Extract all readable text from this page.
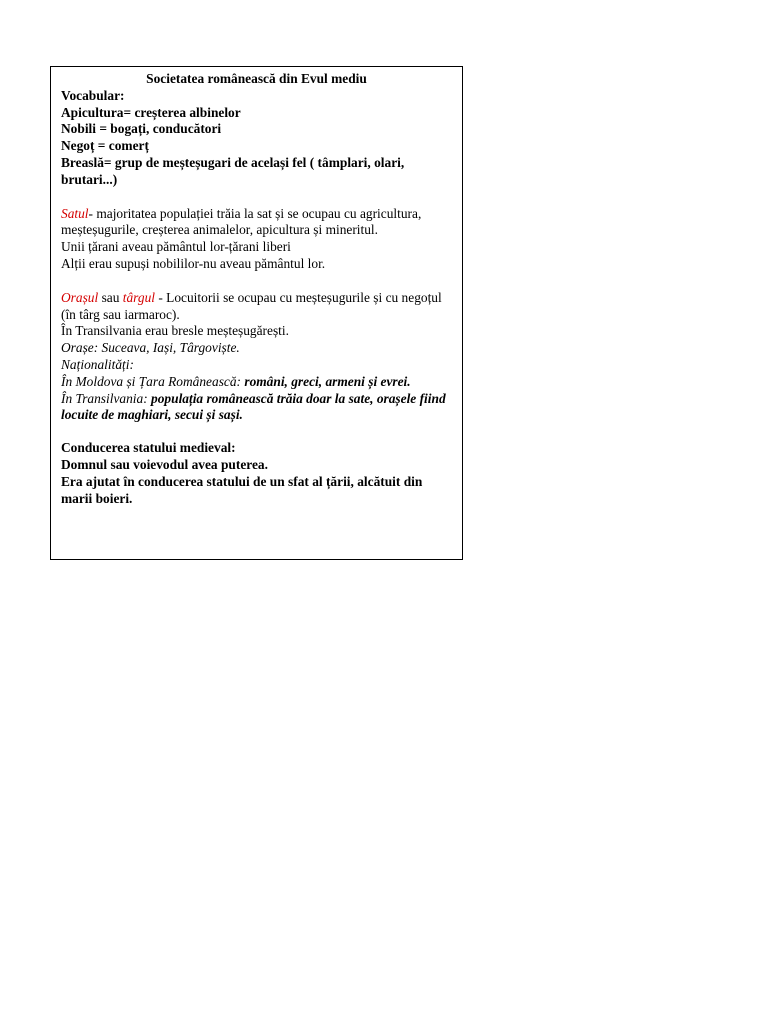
Societatea românească din Evul mediu

Vocabular:

Apicultura= creșterea albinelor

Nobili = bogați, conducători

Negoț = comerț

Breaslă= grup de meșteșugari de același fel ( tâmplari, olari, brutari...)

Satul- majoritatea populației trăia la sat și se ocupau cu agricultura, meșteșugurile, creșterea animalelor, apicultura și mineritul.

Unii țărani aveau pământul lor-țărani liberi

Alții erau supuși nobililor-nu aveau pământul lor.

Orașul sau târgul - Locuitorii se ocupau cu meșteșugurile și cu negoțul (în târg sau iarmaroc).

În Transilvania erau bresle meșteșugărești.

Orașe: Suceava, Iași, Târgoviște.

Naționalități:

În Moldova și Țara Românească: români, greci, armeni și evrei.

În Transilvania: populația românească trăia doar la sate, orașele fiind locuite de maghiari, secui și sași.

Conducerea statului medieval:

Domnul sau voievodul avea puterea.

Era ajutat în conducerea statului de un sfat al țării, alcătuit din marii boieri.
